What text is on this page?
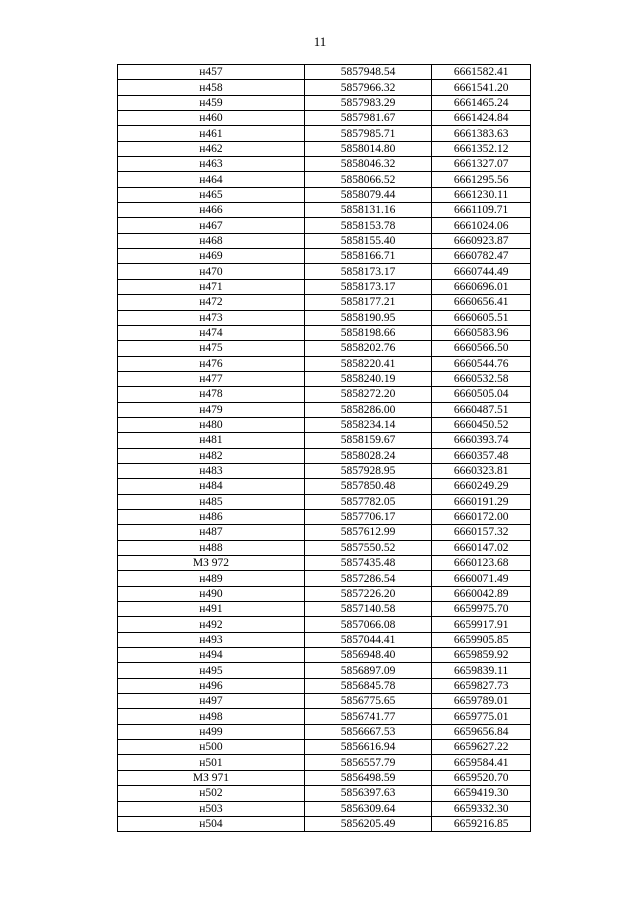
11
н457	5857948.54	6661582.41
н458	5857966.32	6661541.20
н459	5857983.29	6661465.24
н460	5857981.67	6661424.84
н461	5857985.71	6661383.63
н462	5858014.80	6661352.12
н463	5858046.32	6661327.07
н464	5858066.52	6661295.56
н465	5858079.44	6661230.11
н466	5858131.16	6661109.71
н467	5858153.78	6661024.06
н468	5858155.40	6660923.87
н469	5858166.71	6660782.47
н470	5858173.17	6660744.49
н471	5858173.17	6660696.01
н472	5858177.21	6660656.41
н473	5858190.95	6660605.51
н474	5858198.66	6660583.96
н475	5858202.76	6660566.50
н476	5858220.41	6660544.76
н477	5858240.19	6660532.58
н478	5858272.20	6660505.04
н479	5858286.00	6660487.51
н480	5858234.14	6660450.52
н481	5858159.67	6660393.74
н482	5858028.24	6660357.48
н483	5857928.95	6660323.81
н484	5857850.48	6660249.29
н485	5857782.05	6660191.29
н486	5857706.17	6660172.00
н487	5857612.99	6660157.32
н488	5857550.52	6660147.02
МЗ 972	5857435.48	6660123.68
н489	5857286.54	6660071.49
н490	5857226.20	6660042.89
н491	5857140.58	6659975.70
н492	5857066.08	6659917.91
н493	5857044.41	6659905.85
н494	5856948.40	6659859.92
н495	5856897.09	6659839.11
н496	5856845.78	6659827.73
н497	5856775.65	6659789.01
н498	5856741.77	6659775.01
н499	5856667.53	6659656.84
н500	5856616.94	6659627.22
н501	5856557.79	6659584.41
МЗ 971	5856498.59	6659520.70
н502	5856397.63	6659419.30
н503	5856309.64	6659332.30
н504	5856205.49	6659216.85
